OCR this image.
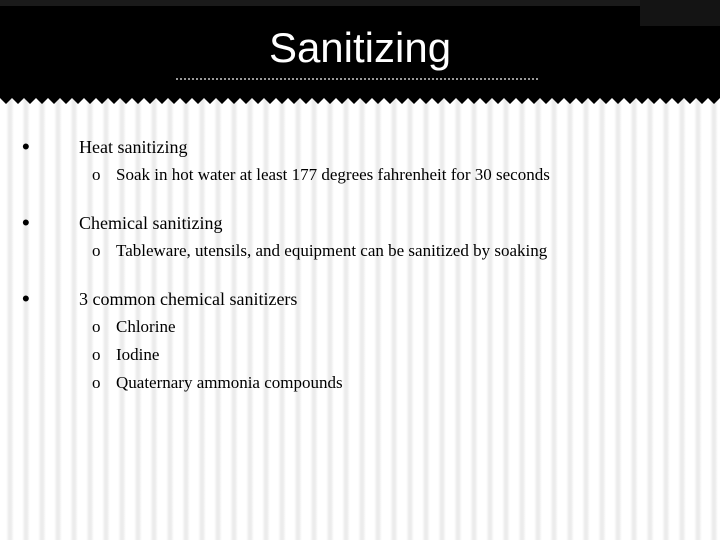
Sanitizing
•	Heat sanitizing
o Soak in hot water at least 177 degrees fahrenheit for 30 seconds
•	Chemical sanitizing
o Tableware, utensils, and equipment can be sanitized by soaking
•	3 common chemical sanitizers
o Chlorine
o Iodine
o Quaternary ammonia compounds
